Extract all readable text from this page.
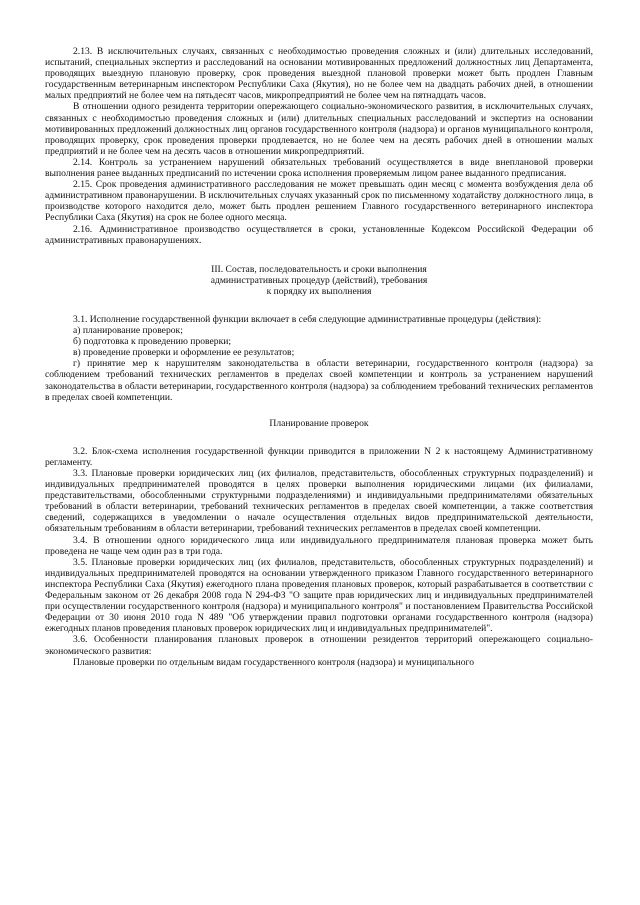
2.13. В исключительных случаях, связанных с необходимостью проведения сложных и (или) длительных исследований, испытаний, специальных экспертиз и расследований на основании мотивированных предложений должностных лиц Департамента, проводящих выездную плановую проверку, срок проведения выездной плановой проверки может быть продлен Главным государственным ветеринарным инспектором Республики Саха (Якутия), но не более чем на двадцать рабочих дней, в отношении малых предприятий не более чем на пятьдесят часов, микропредприятий не более чем на пятнадцать часов.

В отношении одного резидента территории опережающего социально-экономического развития, в исключительных случаях, связанных с необходимостью проведения сложных и (или) длительных специальных расследований и экспертиз на основании мотивированных предложений должностных лиц органов государственного контроля (надзора) и органов муниципального контроля, проводящих проверку, срок проведения проверки продлевается, но не более чем на десять рабочих дней в отношении малых предприятий и не более чем на десять часов в отношении микропредприятий.

2.14. Контроль за устранением нарушений обязательных требований осуществляется в виде внеплановой проверки выполнения ранее выданных предписаний по истечении срока исполнения проверяемым лицом ранее выданного предписания.

2.15. Срок проведения административного расследования не может превышать один месяц с момента возбуждения дела об административном правонарушении. В исключительных случаях указанный срок по письменному ходатайству должностного лица, в производстве которого находится дело, может быть продлен решением Главного государственного ветеринарного инспектора Республики Саха (Якутия) на срок не более одного месяца.

2.16. Административное производство осуществляется в сроки, установленные Кодексом Российской Федерации об административных правонарушениях.

III. Состав, последовательность и сроки выполнения
административных процедур (действий), требования
к порядку их выполнения

3.1. Исполнение государственной функции включает в себя следующие административные процедуры (действия):

а) планирование проверок;

б) подготовка к проведению проверки;

в) проведение проверки и оформление ее результатов;

г) принятие мер к нарушителям законодательства в области ветеринарии, государственного контроля (надзора) за соблюдением требований технических регламентов в пределах своей компетенции и контроль за устранением нарушений законодательства в области ветеринарии, государственного контроля (надзора) за соблюдением требований технических регламентов в пределах своей компетенции.

Планирование проверок

3.2. Блок-схема исполнения государственной функции приводится в приложении N 2 к настоящему Административному регламенту.

3.3. Плановые проверки юридических лиц (их филиалов, представительств, обособленных структурных подразделений) и индивидуальных предпринимателей проводятся в целях проверки выполнения юридическими лицами (их филиалами, представительствами, обособленными структурными подразделениями) и индивидуальными предпринимателями обязательных требований в области ветеринарии, требований технических регламентов в пределах своей компетенции, а также соответствия сведений, содержащихся в уведомлении о начале осуществления отдельных видов предпринимательской деятельности, обязательным требованиям в области ветеринарии, требований технических регламентов в пределах своей компетенции.

3.4. В отношении одного юридического лица или индивидуального предпринимателя плановая проверка может быть проведена не чаще чем один раз в три года.

3.5. Плановые проверки юридических лиц (их филиалов, представительств, обособленных структурных подразделений) и индивидуальных предпринимателей проводятся на основании утвержденного приказом Главного государственного ветеринарного инспектора Республики Саха (Якутия) ежегодного плана проведения плановых проверок, который разрабатывается в соответствии с Федеральным законом от 26 декабря 2008 года N 294-ФЗ "О защите прав юридических лиц и индивидуальных предпринимателей при осуществлении государственного контроля (надзора) и муниципального контроля" и постановлением Правительства Российской Федерации от 30 июня 2010 года N 489 "Об утверждении правил подготовки органами государственного контроля (надзора) ежегодных планов проведения плановых проверок юридических лиц и индивидуальных предпринимателей".

3.6. Особенности планирования плановых проверок в отношении резидентов территорий опережающего социально-экономического развития:

Плановые проверки по отдельным видам государственного контроля (надзора) и муниципального
